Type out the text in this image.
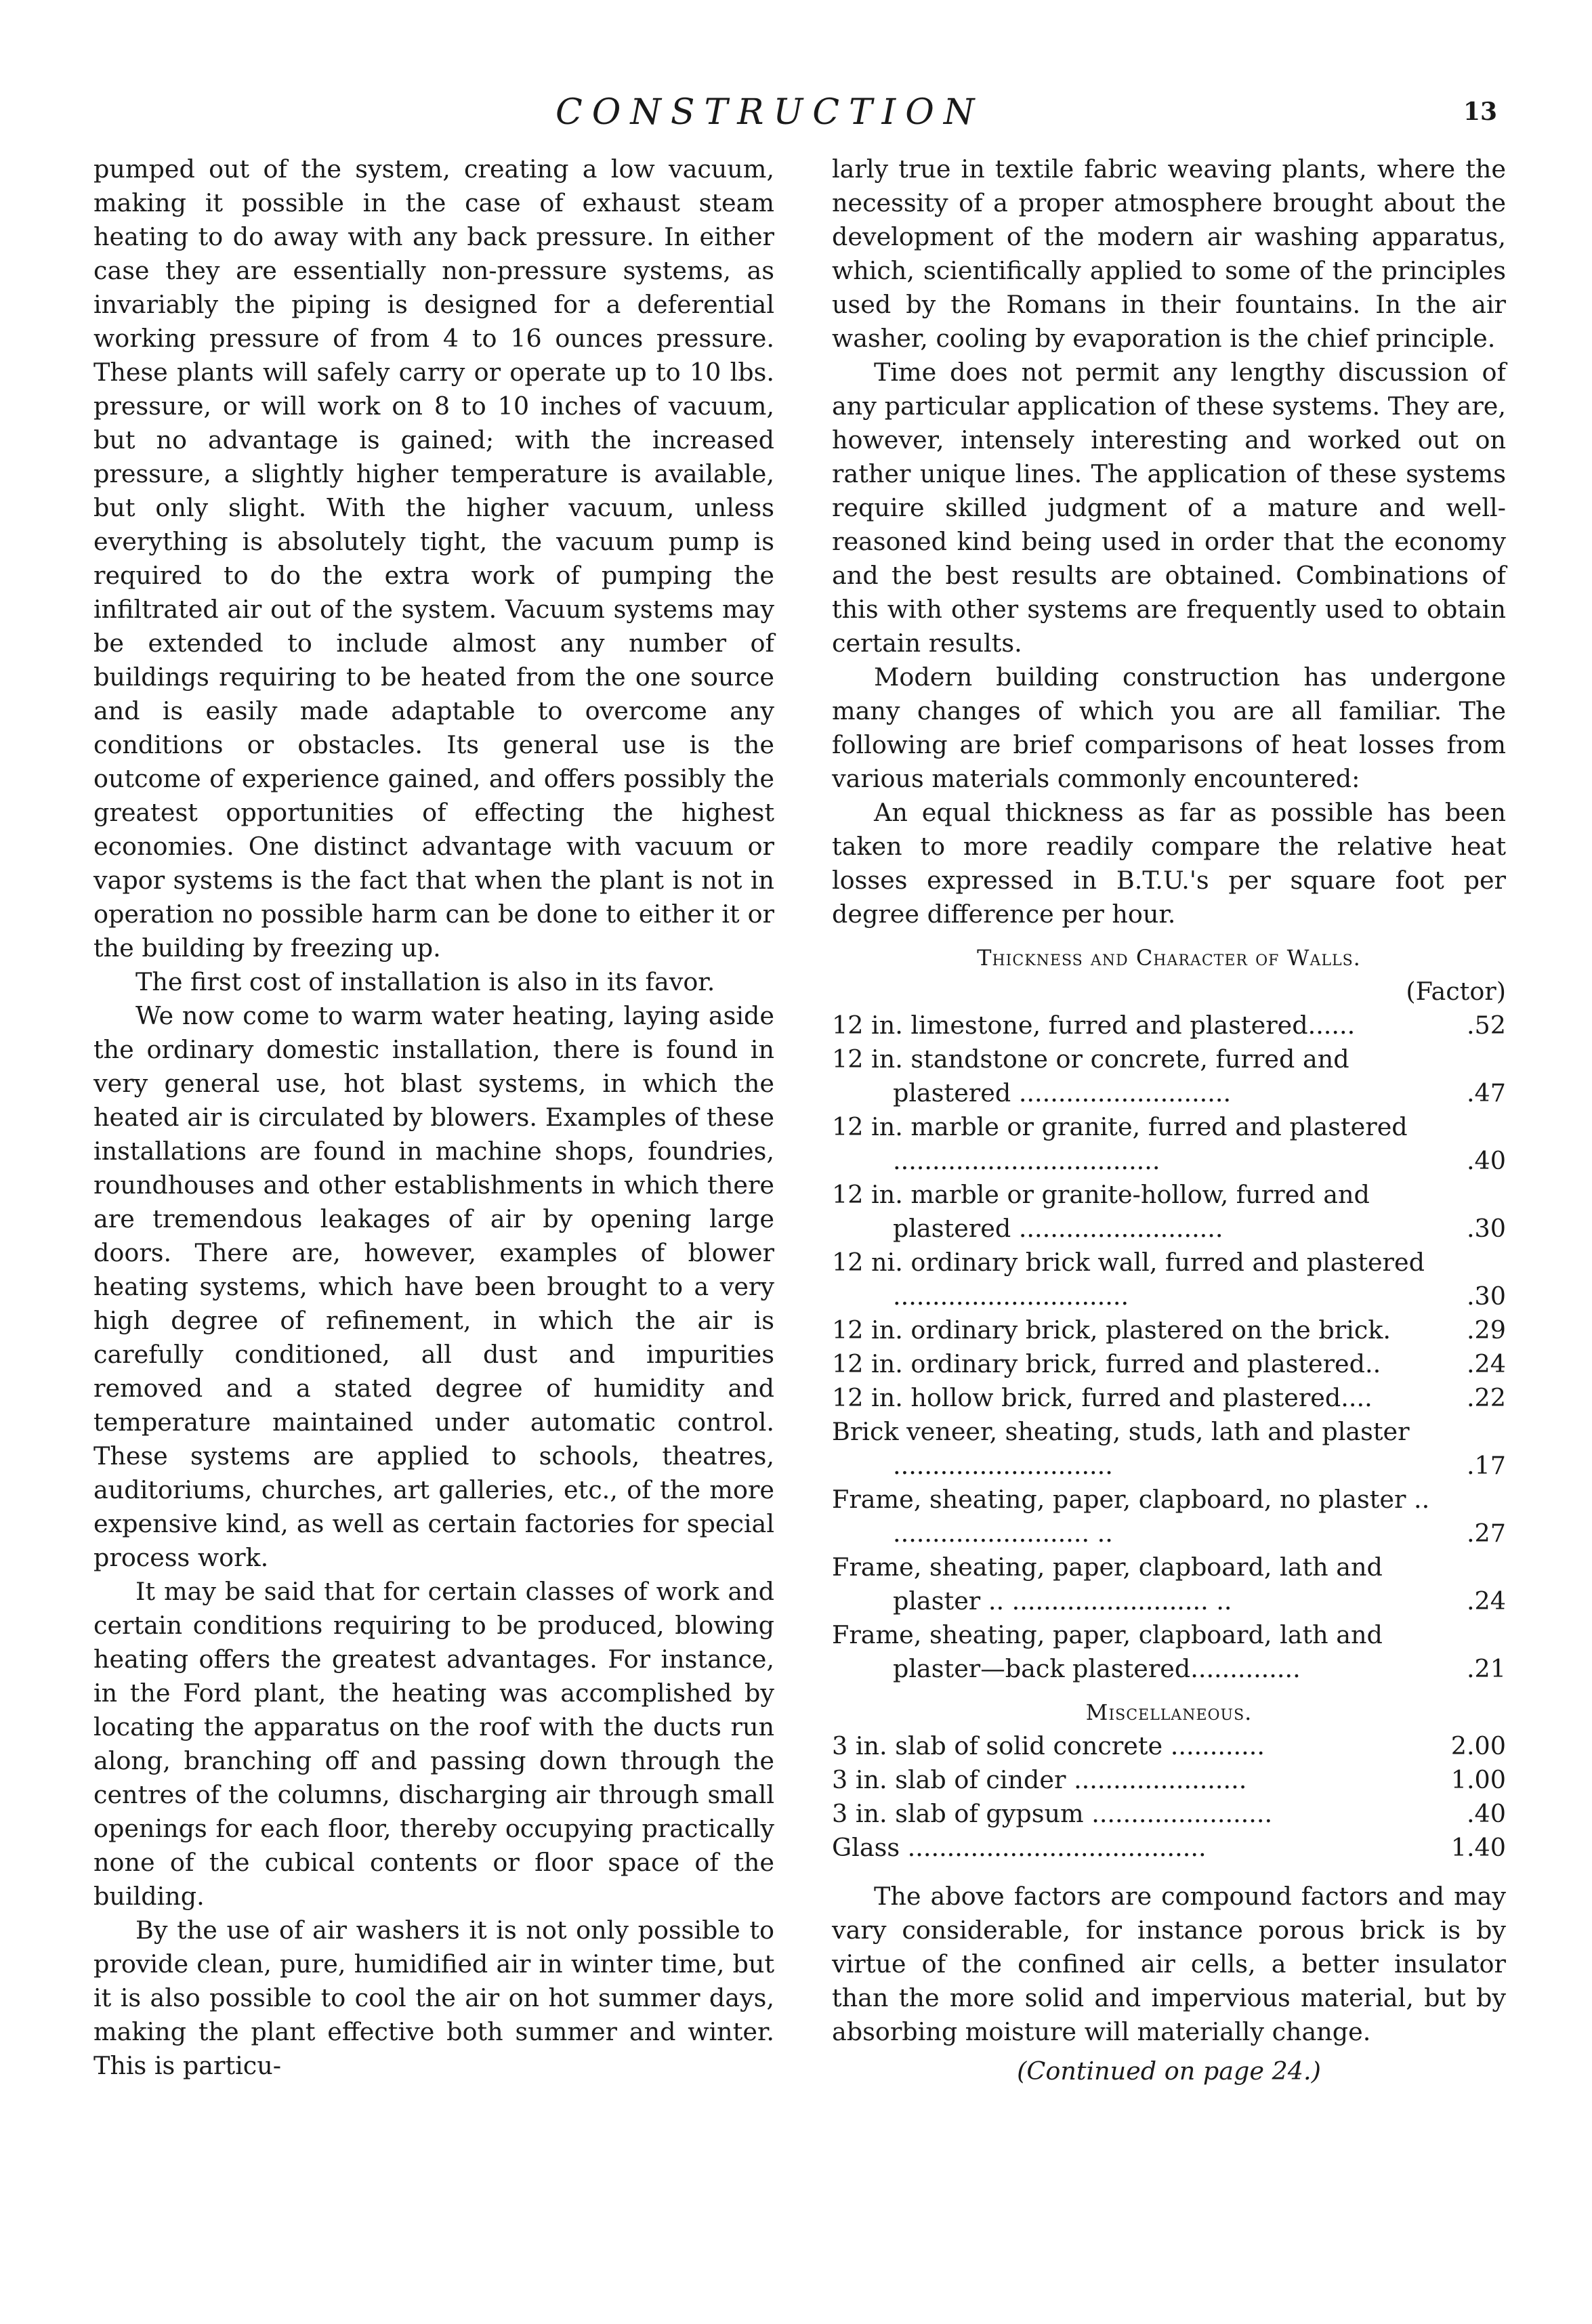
CONSTRUCTION	13

pumped out of the system, creating a low vacuum, making it possible in the case of exhaust steam heating to do away with any back pressure. In either case they are essentially non-pressure systems, as invariably the piping is designed for a deferential working pressure of from 4 to 16 ounces pressure. These plants will safely carry or operate up to 10 lbs. pressure, or will work on 8 to 10 inches of vacuum, but no advantage is gained; with the increased pressure, a slightly higher temperature is available, but only slight. With the higher vacuum, unless everything is absolutely tight, the vacuum pump is required to do the extra work of pumping the infiltrated air out of the system. Vacuum systems may be extended to include almost any number of buildings requiring to be heated from the one source and is easily made adaptable to overcome any conditions or obstacles. Its general use is the outcome of experience gained, and offers possibly the greatest opportunities of effecting the highest economies. One distinct advantage with vacuum or vapor systems is the fact that when the plant is not in operation no possible harm can be done to either it or the building by freezing up.

The first cost of installation is also in its favor.

We now come to warm water heating, laying aside the ordinary domestic installation, there is found in very general use, hot blast systems, in which the heated air is circulated by blowers. Examples of these installations are found in machine shops, foundries, roundhouses and other establishments in which there are tremendous leakages of air by opening large doors. There are, however, examples of blower heating systems, which have been brought to a very high degree of refinement, in which the air is carefully conditioned, all dust and impurities removed and a stated degree of humidity and temperature maintained under automatic control. These systems are applied to schools, theatres, auditoriums, churches, art galleries, etc., of the more expensive kind, as well as certain factories for special process work.

It may be said that for certain classes of work and certain conditions requiring to be produced, blowing heating offers the greatest advantages. For instance, in the Ford plant, the heating was accomplished by locating the apparatus on the roof with the ducts run along, branching off and passing down through the centres of the columns, discharging air through small openings for each floor, thereby occupying practically none of the cubical contents or floor space of the building.

By the use of air washers it is not only possible to provide clean, pure, humidified air in winter time, but it is also possible to cool the air on hot summer days, making the plant effective both summer and winter. This is particu-

larly true in textile fabric weaving plants, where the necessity of a proper atmosphere brought about the development of the modern air washing apparatus, which, scientifically applied to some of the principles used by the Romans in their fountains. In the air washer, cooling by evaporation is the chief principle.

Time does not permit any lengthy discussion of any particular application of these systems. They are, however, intensely interesting and worked out on rather unique lines. The application of these systems require skilled judgment of a mature and well-reasoned kind being used in order that the economy and the best results are obtained. Combinations of this with other systems are frequently used to obtain certain results.

Modern building construction has undergone many changes of which you are all familiar. The following are brief comparisons of heat losses from various materials commonly encountered:

An equal thickness as far as possible has been taken to more readily compare the relative heat losses expressed in B.T.U.'s per square foot per degree difference per hour.

Thickness and Character of Walls.
(Factor)
12 in. limestone, furred and plastered......	.52
12 in. standstone or concrete, furred and plastered ...........................	.47
12 in. marble or granite, furred and plastered ..................................	.40
12 in. marble or granite-hollow, furred and plastered ..........................	.30
12 ni. ordinary brick wall, furred and plastered ..............................	.30
12 in. ordinary brick, plastered on the brick.	.29
12 in. ordinary brick, furred and plastered..	.24
12 in. hollow brick, furred and plastered....	.22
Brick veneer, sheating, studs, lath and plaster ............................	.17
Frame, sheating, paper, clapboard, no plaster .. ......................... ..	.27
Frame, sheating, paper, clapboard, lath and plaster .. ......................... ..	.24
Frame, sheating, paper, clapboard, lath and plaster—back plastered..............	.21
Miscellaneous.
3 in. slab of solid concrete ............	2.00
3 in. slab of cinder ......................	1.00
3 in. slab of gypsum .......................	.40
Glass ......................................	1.40

The above factors are compound factors and may vary considerable, for instance porous brick is by virtue of the confined air cells, a better insulator than the more solid and impervious material, but by absorbing moisture will materially change.

(Continued on page 24.)
